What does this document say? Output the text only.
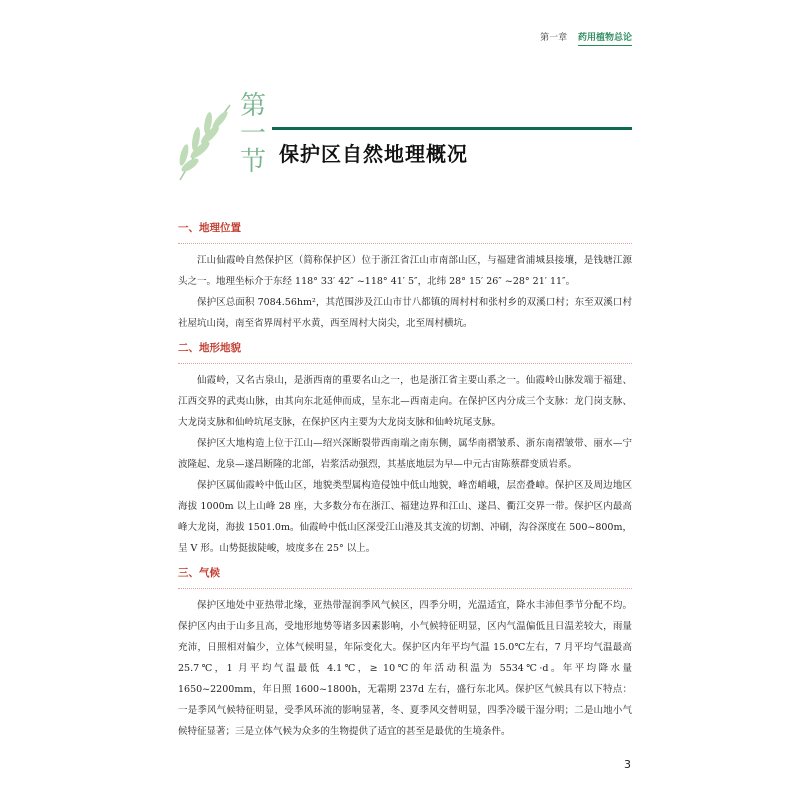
第一章 药用植物总论
第
一
节 保护区自然地理概况
一、地理位置

江山仙霞岭自然保护区（简称保护区）位于浙江省江山市南部山区，与福建省浦城县接壤，是钱塘江源头之一。地理坐标介于东经 118° 33′ 42″ ~118° 41′ 5″，北纬 28° 15′ 26″ ~28° 21′ 11″。

保护区总面积 7084.56hm²，其范围涉及江山市廿八都镇的周村村和张村乡的双溪口村；东至双溪口村社屋坑山岗，南至省界周村平水黄，西至周村大岗尖，北至周村横坑。

二、地形地貌

仙霞岭，又名古泉山，是浙西南的重要名山之一，也是浙江省主要山系之一。仙霞岭山脉发端于福建、江西交界的武夷山脉，由其向东北延伸而成，呈东北—西南走向。在保护区内分成三个支脉：龙门岗支脉、大龙岗支脉和仙岭坑尾支脉，在保护区内主要为大龙岗支脉和仙岭坑尾支脉。

保护区大地构造上位于江山—绍兴深断裂带西南端之南东侧，属华南褶皱系、浙东南褶皱带、丽水—宁波隆起、龙泉—遂昌断隆的北部，岩浆活动强烈，其基底地层为早—中元古宙陈蔡群变质岩系。

保护区属仙霞岭中低山区，地貌类型属构造侵蚀中低山地貌，峰峦峭峨，层峦叠嶂。保护区及周边地区海拔 1000m 以上山峰 28 座，大多数分布在浙江、福建边界和江山、遂昌、衢江交界一带。保护区内最高峰大龙岗，海拔 1501.0m。仙霞岭中低山区深受江山港及其支流的切割、冲刷，沟谷深度在 500~800m，呈 V 形。山势挺拔陡峻，坡度多在 25° 以上。

三、气候

保护区地处中亚热带北缘，亚热带湿润季风气候区，四季分明，光温适宜，降水丰沛但季节分配不均。保护区内由于山多且高，受地形地势等诸多因素影响，小气候特征明显，区内气温偏低且日温差较大，雨量充沛，日照相对偏少，立体气候明显，年际变化大。保护区内年平均气温 15.0℃左右，7 月平均气温最高 25.7℃，1 月平均气温最低 4.1℃，≥ 10℃的年活动积温为 5534℃·d。年平均降水量 1650~2200mm，年日照 1600~1800h，无霜期 237d 左右，盛行东北风。保护区气候具有以下特点：一是季风气候特征明显，受季风环流的影响显著，冬、夏季风交替明显，四季冷暖干湿分明；二是山地小气候特征显著；三是立体气候为众多的生物提供了适宜的甚至是最优的生境条件。

3
